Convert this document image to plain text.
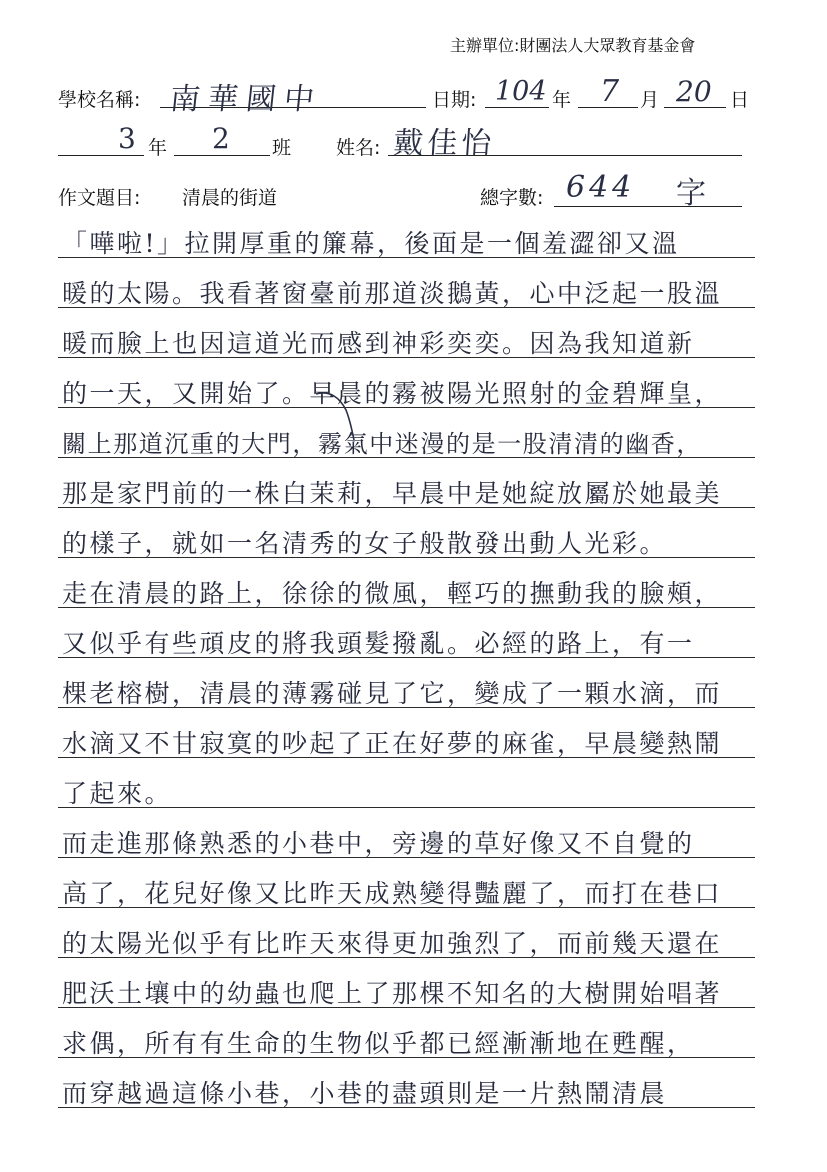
主辦單位:財團法人大眾教育基金會
學校名稱: 南華國中	日期: 104 年 7 月 20 日
3 年 2 班 姓名: 戴佳怡
作文題目: 清晨的街道	總字數: 644 字
「嘩啦!」拉開厚重的簾幕，後面是一個羞澀卻又溫
暖的太陽。我看著窗臺前那道淡鵝黃，心中泛起一股溫
暖而臉上也因這道光而感到神彩奕奕。因為我知道新
的一天，又開始了。早晨的霧被陽光照射的金碧輝皇，
關上那道沉重的大門，霧氣中迷漫的是一股清清的幽香，
那是家門前的一株白茉莉，早晨中是她綻放屬於她最美
的樣子，就如一名清秀的女子般散發出動人光彩。
走在清晨的路上，徐徐的微風，輕巧的撫動我的臉頰，
又似乎有些頑皮的將我頭髮撥亂。必經的路上，有一
棵老榕樹，清晨的薄霧碰見了它，變成了一顆水滴，而
水滴又不甘寂寞的吵起了正在好夢的麻雀，早晨變熱鬧
了起來。
而走進那條熟悉的小巷中，旁邊的草好像又不自覺的
高了，花兒好像又比昨天成熟變得豔麗了，而打在巷口
的太陽光似乎有比昨天來得更加強烈了，而前幾天還在
肥沃土壤中的幼蟲也爬上了那棵不知名的大樹開始唱著
求偶，所有有生命的生物似乎都已經漸漸地在甦醒，
而穿越過這條小巷，小巷的盡頭則是一片熱鬧清晨
